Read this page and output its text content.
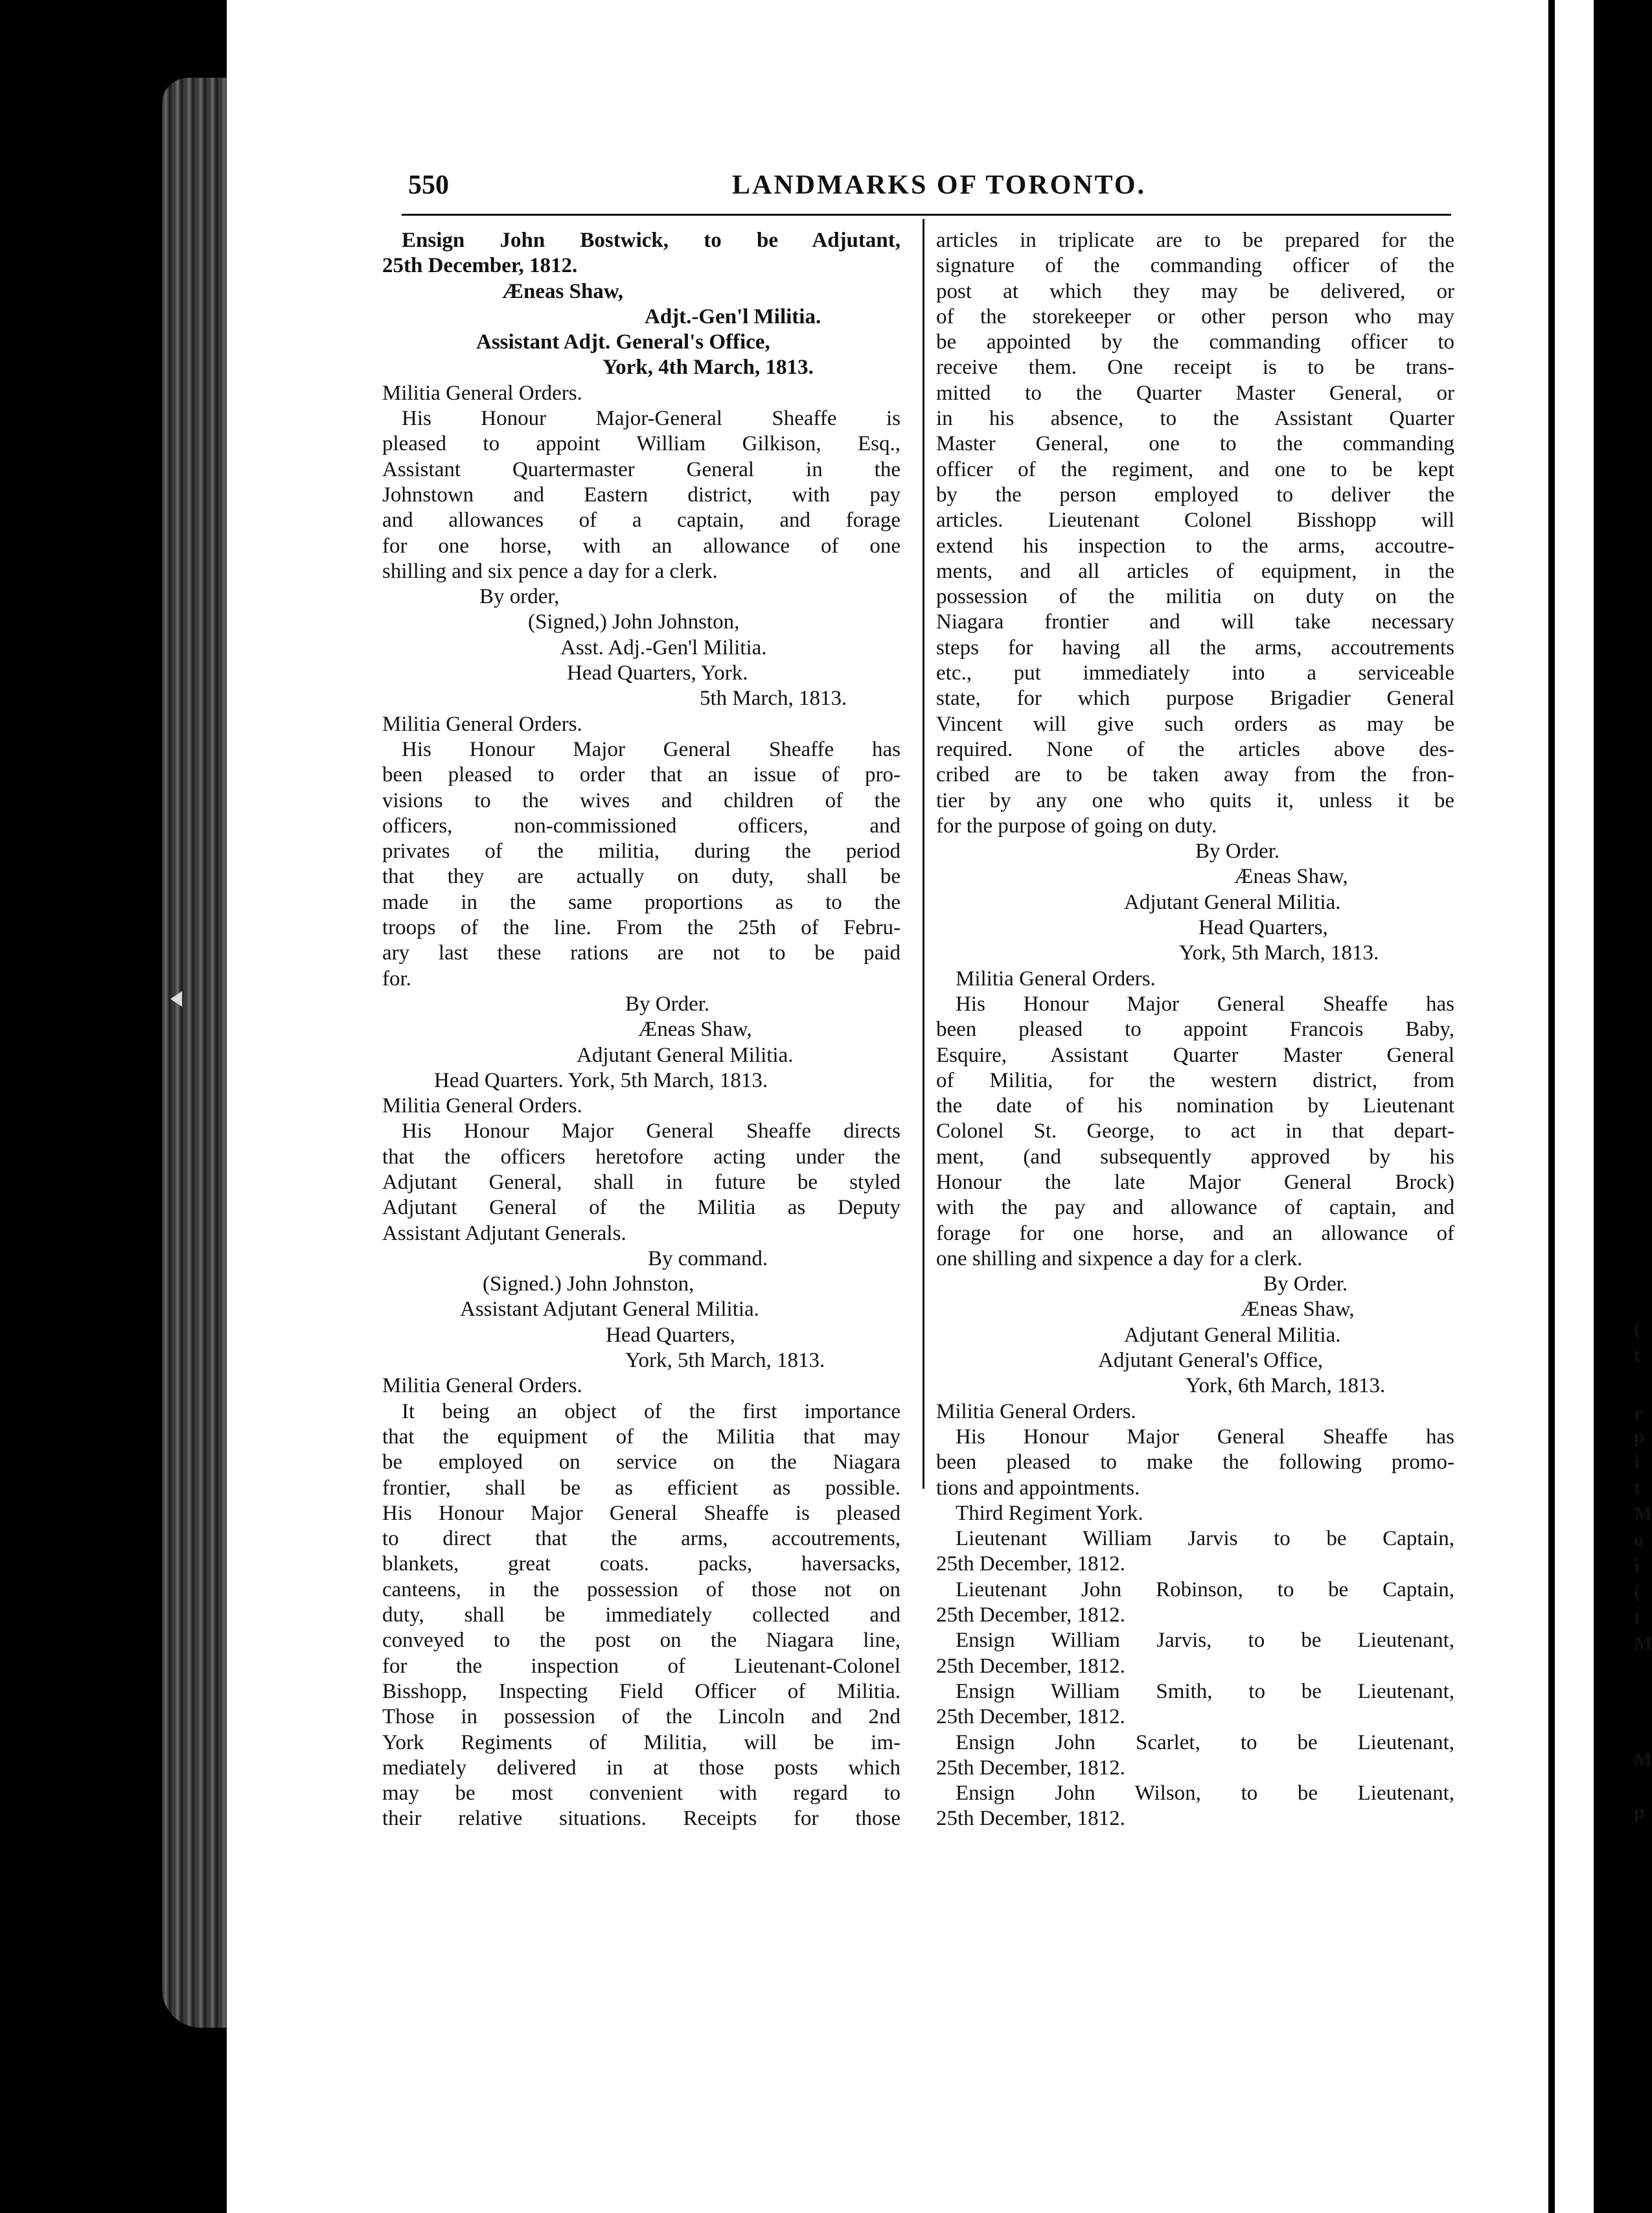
(
t
r
p
i
t
M
o
i
(
t
M
M
p
550	LANDMARKS OF TORONTO.
Ensign John Bostwick, to be Adjutant,
25th December, 1812.
Æneas Shaw,
Adjt.-Gen'l Militia.
Assistant Adjt. General's Office,
York, 4th March, 1813.
Militia General Orders.
His Honour Major-General Sheaffe is
pleased to appoint William Gilkison, Esq.,
Assistant Quartermaster General in the
Johnstown and Eastern district, with pay
and allowances of a captain, and forage
for one horse, with an allowance of one
shilling and six pence a day for a clerk.
By order,
(Signed,) John Johnston,
Asst. Adj.-Gen'l Militia.
Head Quarters, York.
5th March, 1813.
Militia General Orders.
His Honour Major General Sheaffe has
been pleased to order that an issue of pro-
visions to the wives and children of the
officers, non-commissioned officers, and
privates of the militia, during the period
that they are actually on duty, shall be
made in the same proportions as to the
troops of the line. From the 25th of Febru-
ary last these rations are not to be paid
for.
By Order.
Æneas Shaw,
Adjutant General Militia.
Head Quarters. York, 5th March, 1813.
Militia General Orders.
His Honour Major General Sheaffe directs
that the officers heretofore acting under the
Adjutant General, shall in future be styled
Adjutant General of the Militia as Deputy
Assistant Adjutant Generals.
By command.
(Signed.) John Johnston,
Assistant Adjutant General Militia.
Head Quarters,
York, 5th March, 1813.
Militia General Orders.
It being an object of the first importance
that the equipment of the Militia that may
be employed on service on the Niagara
frontier, shall be as efficient as possible.
His Honour Major General Sheaffe is pleased
to direct that the arms, accoutrements,
blankets, great coats. packs, haversacks,
canteens, in the possession of those not on
duty, shall be immediately collected and
conveyed to the post on the Niagara line,
for the inspection of Lieutenant-Colonel
Bisshopp, Inspecting Field Officer of Militia.
Those in possession of the Lincoln and 2nd
York Regiments of Militia, will be im-
mediately delivered in at those posts which
may be most convenient with regard to
their relative situations. Receipts for those
articles in triplicate are to be prepared for the
signature of the commanding officer of the
post at which they may be delivered, or
of the storekeeper or other person who may
be appointed by the commanding officer to
receive them. One receipt is to be trans-
mitted to the Quarter Master General, or
in his absence, to the Assistant Quarter
Master General, one to the commanding
officer of the regiment, and one to be kept
by the person employed to deliver the
articles. Lieutenant Colonel Bisshopp will
extend his inspection to the arms, accoutre-
ments, and all articles of equipment, in the
possession of the militia on duty on the
Niagara frontier and will take necessary
steps for having all the arms, accoutrements
etc., put immediately into a serviceable
state, for which purpose Brigadier General
Vincent will give such orders as may be
required. None of the articles above des-
cribed are to be taken away from the fron-
tier by any one who quits it, unless it be
for the purpose of going on duty.
By Order.
Æneas Shaw,
Adjutant General Militia.
Head Quarters,
York, 5th March, 1813.
Militia General Orders.
His Honour Major General Sheaffe has
been pleased to appoint Francois Baby,
Esquire, Assistant Quarter Master General
of Militia, for the western district, from
the date of his nomination by Lieutenant
Colonel St. George, to act in that depart-
ment, (and subsequently approved by his
Honour the late Major General Brock)
with the pay and allowance of captain, and
forage for one horse, and an allowance of
one shilling and sixpence a day for a clerk.
By Order.
Æneas Shaw,
Adjutant General Militia.
Adjutant General's Office,
York, 6th March, 1813.
Militia General Orders.
His Honour Major General Sheaffe has
been pleased to make the following promo-
tions and appointments.
Third Regiment York.
Lieutenant William Jarvis to be Captain,
25th December, 1812.
Lieutenant John Robinson, to be Captain,
25th December, 1812.
Ensign William Jarvis, to be Lieutenant,
25th December, 1812.
Ensign William Smith, to be Lieutenant,
25th December, 1812.
Ensign John Scarlet, to be Lieutenant,
25th December, 1812.
Ensign John Wilson, to be Lieutenant,
25th December, 1812.
